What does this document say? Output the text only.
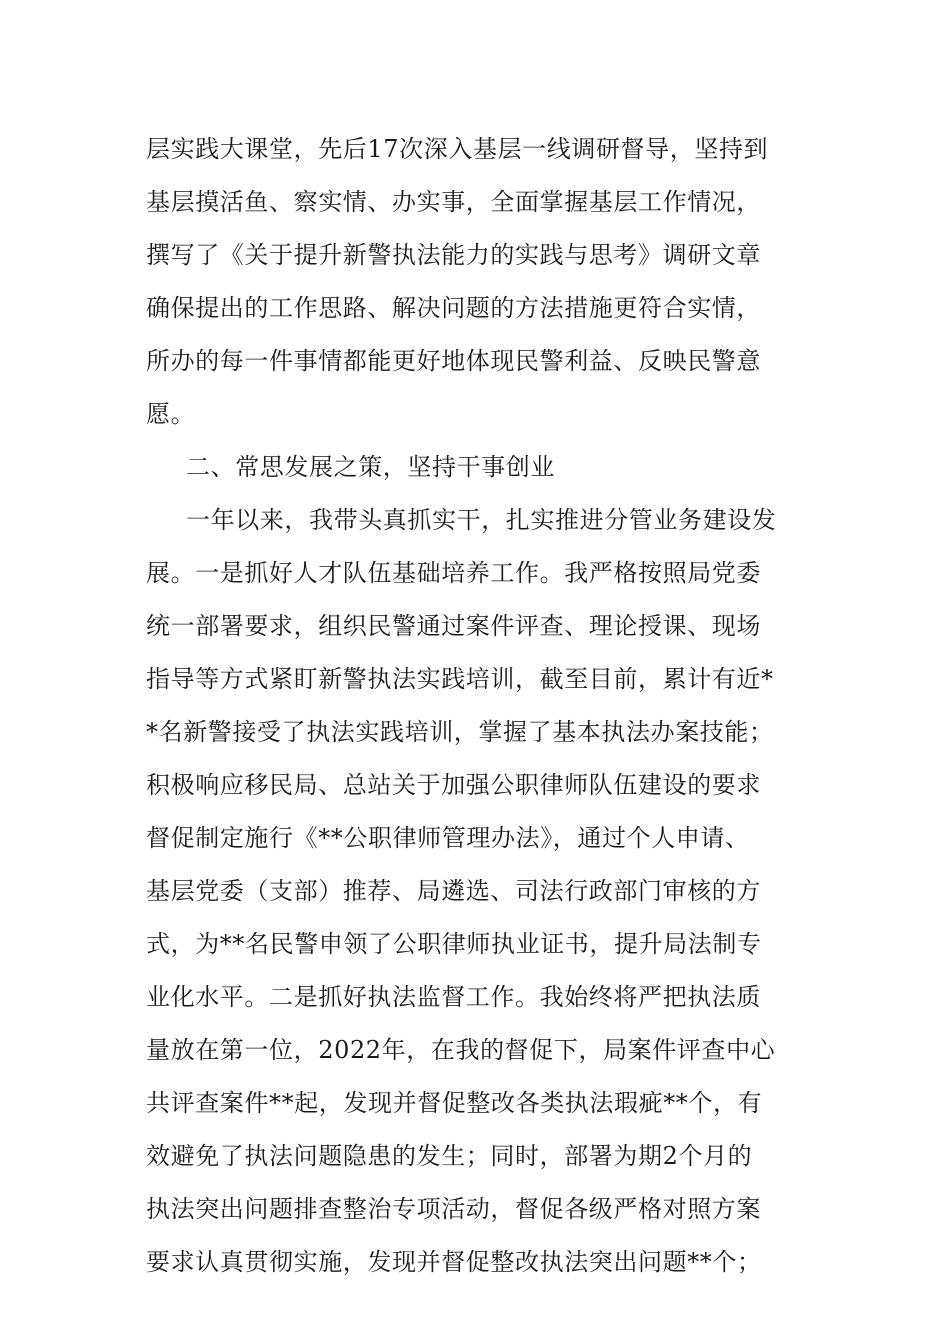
层实践大课堂，先后17次深入基层一线调研督导，坚持到
基层摸活鱼、察实情、办实事，全面掌握基层工作情况，
撰写了《关于提升新警执法能力的实践与思考》调研文章
确保提出的工作思路、解决问题的方法措施更符合实情，
所办的每一件事情都能更好地体现民警利益、反映民警意
愿。
二、常思发展之策，坚持干事创业
一年以来，我带头真抓实干，扎实推进分管业务建设发
展。一是抓好人才队伍基础培养工作。我严格按照局党委
统一部署要求，组织民警通过案件评查、理论授课、现场
指导等方式紧盯新警执法实践培训，截至目前，累计有近*
*名新警接受了执法实践培训，掌握了基本执法办案技能；
积极响应移民局、总站关于加强公职律师队伍建设的要求
督促制定施行《**公职律师管理办法》，通过个人申请、
基层党委（支部）推荐、局遴选、司法行政部门审核的方
式，为**名民警申领了公职律师执业证书，提升局法制专
业化水平。二是抓好执法监督工作。我始终将严把执法质
量放在第一位，2022年，在我的督促下，局案件评查中心
共评查案件**起，发现并督促整改各类执法瑕疵**个，有
效避免了执法问题隐患的发生；同时，部署为期2个月的
执法突出问题排查整治专项活动，督促各级严格对照方案
要求认真贯彻实施，发现并督促整改执法突出问题**个；
